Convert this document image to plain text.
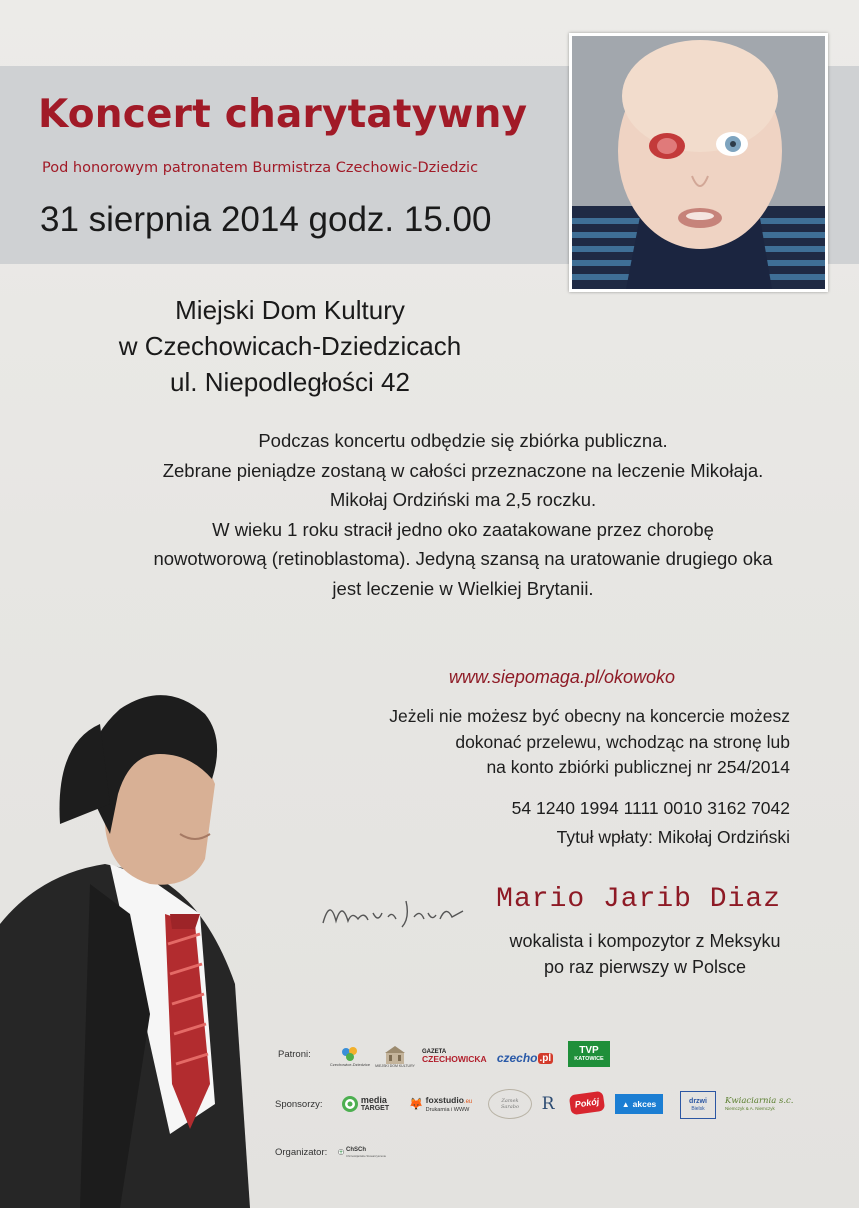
Koncert charytatywny
Pod honorowym patronatem Burmistrza Czechowic-Dziedzic
31 sierpnia 2014 godz. 15.00
Miejski Dom Kultury
w Czechowicach-Dziedzicach
ul. Niepodległości 42
Podczas koncertu odbędzie się zbiórka publiczna.
Zebrane pieniądze zostaną w całości przeznaczone na leczenie Mikołaja.
Mikołaj Ordziński ma 2,5 roczku.
W wieku 1 roku stracił jedno oko zaatakowane przez chorobę
nowotworową (retinoblastoma). Jedyną szansą na uratowanie drugiego oka
jest leczenie w Wielkiej Brytanii.
Mario Jarib Diaz
wokalista i kompozytor z Meksyku
po raz pierwszy w Polsce
www.siepomaga.pl/okowoko
Jeżeli nie możesz być obecny na koncercie możesz
dokonać przelewu, wchodząc na stronę lub
na konto zbiórki publicznej nr 254/2014
54 1240 1994 1111 0010 3162 7042
Tytuł wpłaty: Mikołaj Ordziński
Patroni:
Czechowice-Dziedzice MIEJSKI DOM KULTURY
GAZETA
CZECHOWICKA czecho .pl
TVP
KATOWICE
Sponsorzy:	media
TARGET 🦊 foxstudio.eu
Drukarnia i WWW
Zamek Sarabo	R Pokój	▲ akces	drzwi
Bielsk
Kwiaciarnia s.c.
Niemczyk & A. Niemczyk
Organizator:	ChSCh
Chrześcijańskie Stowarzyszenie
